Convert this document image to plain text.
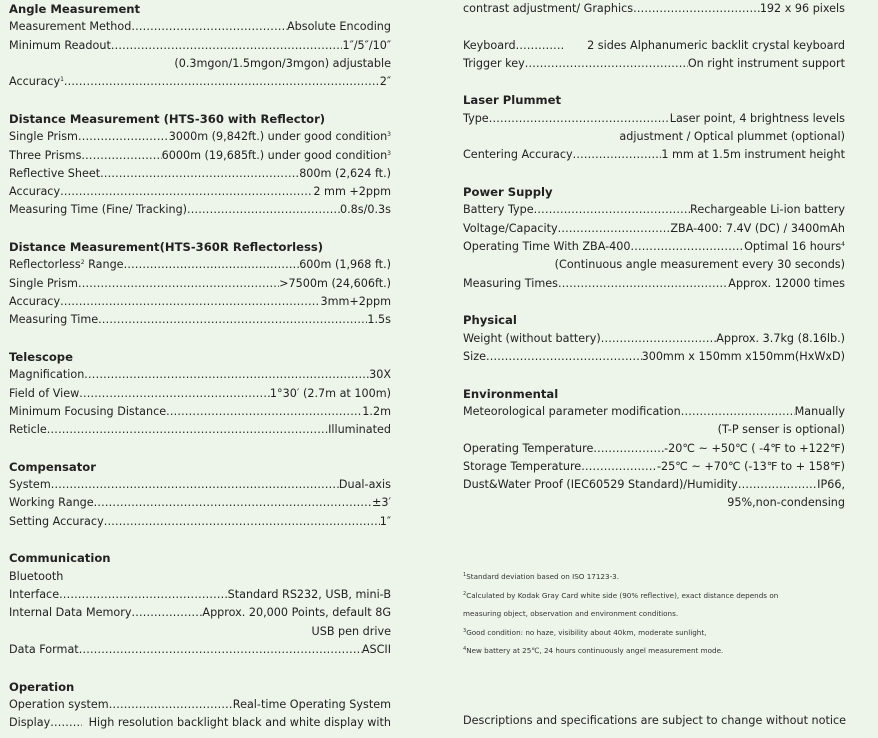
Angle Measurement
Measurement Method .....	Absolute Encoding
Minimum Readout .....	1″/5″/10″
(0.3mgon/1.5mgon/3mgon) adjustable
Accuracy$^1$ .....	2″
Distance Measurement (HTS-360 with Reflector)
Single Prism .....	3000m (9,842ft.) under good condition$^3$
Three Prisms .....	6000m (19,685ft.) under good condition$^3$
Reflective Sheet .....	800m (2,624 ft.)
Accuracy .....	2 mm +2ppm
Measuring Time (Fine/ Tracking) .....	0.8s/0.3s
Distance Measurement(HTS-360R Reflectorless)
Reflectorless$^2$ Range .....	600m (1,968 ft.)
Single Prism .....	>7500m (24,606ft.)
Accuracy .....	3mm+2ppm
Measuring Time .....	1.5s
Telescope
Magnification .....	30X
Field of View .....	1°30′ (2.7m at 100m)
Minimum Focusing Distance .....	1.2m
Reticle .....	Illuminated
Compensator
System .....	Dual-axis
Working Range .....	±3′
Setting Accuracy .....	1″
Communication
Bluetooth
Interface .....	Standard RS232, USB, mini-B
Internal Data Memory .....	Approx. 20,000 Points, default 8G
USB pen drive
Data Format .....	ASCII
Operation
Operation system .....	Real-time Operating System
Display .....	High resolution backlight black and white display with
contrast adjustment/ Graphics .....	192 x 96 pixels
Keyboard .....	2 sides Alphanumeric backlit crystal keyboard
Trigger key .....	On right instrument support
Laser Plummet
Type .....	Laser point, 4 brightness levels
adjustment / Optical plummet (optional)
Centering Accuracy .....	1 mm at 1.5m instrument height
Power Supply
Battery Type .....	Rechargeable Li-ion battery
Voltage/Capacity .....	ZBA-400: 7.4V (DC) / 3400mAh
Operating Time With ZBA-400 .....	Optimal 16 hours$^4$
(Continuous angle measurement every 30 seconds)
Measuring Times .....	Approx. 12000 times
Physical
Weight (without battery) .....	Approx. 3.7kg (8.16lb.)
Size .....	300mm x 150mm x150mm(HxWxD)
Environmental
Meteorological parameter modification .....	Manually
(T-P senser is optional)
Operating Temperature .....	-20℃ ~ +50℃ ( -4℉ to +122℉)
Storage Temperature .....	-25℃ ~ +70℃ (-13℉ to + 158℉)
Dust&Water Proof (IEC60529 Standard)/Humidity .....	IP66,
95%,non-condensing
$^1$Standard deviation based on ISO 17123-3.
$^2$Calculated by Kodak Gray Card white side (90% reflective), exact distance depends on
measuring object, observation and environment conditions.
$^3$Good condition: no haze, visibility about 40km, moderate sunlight,
$^4$New battery at 25℃, 24 hours continuously angel measurement mode.
Descriptions and specifications are subject to change without notice
